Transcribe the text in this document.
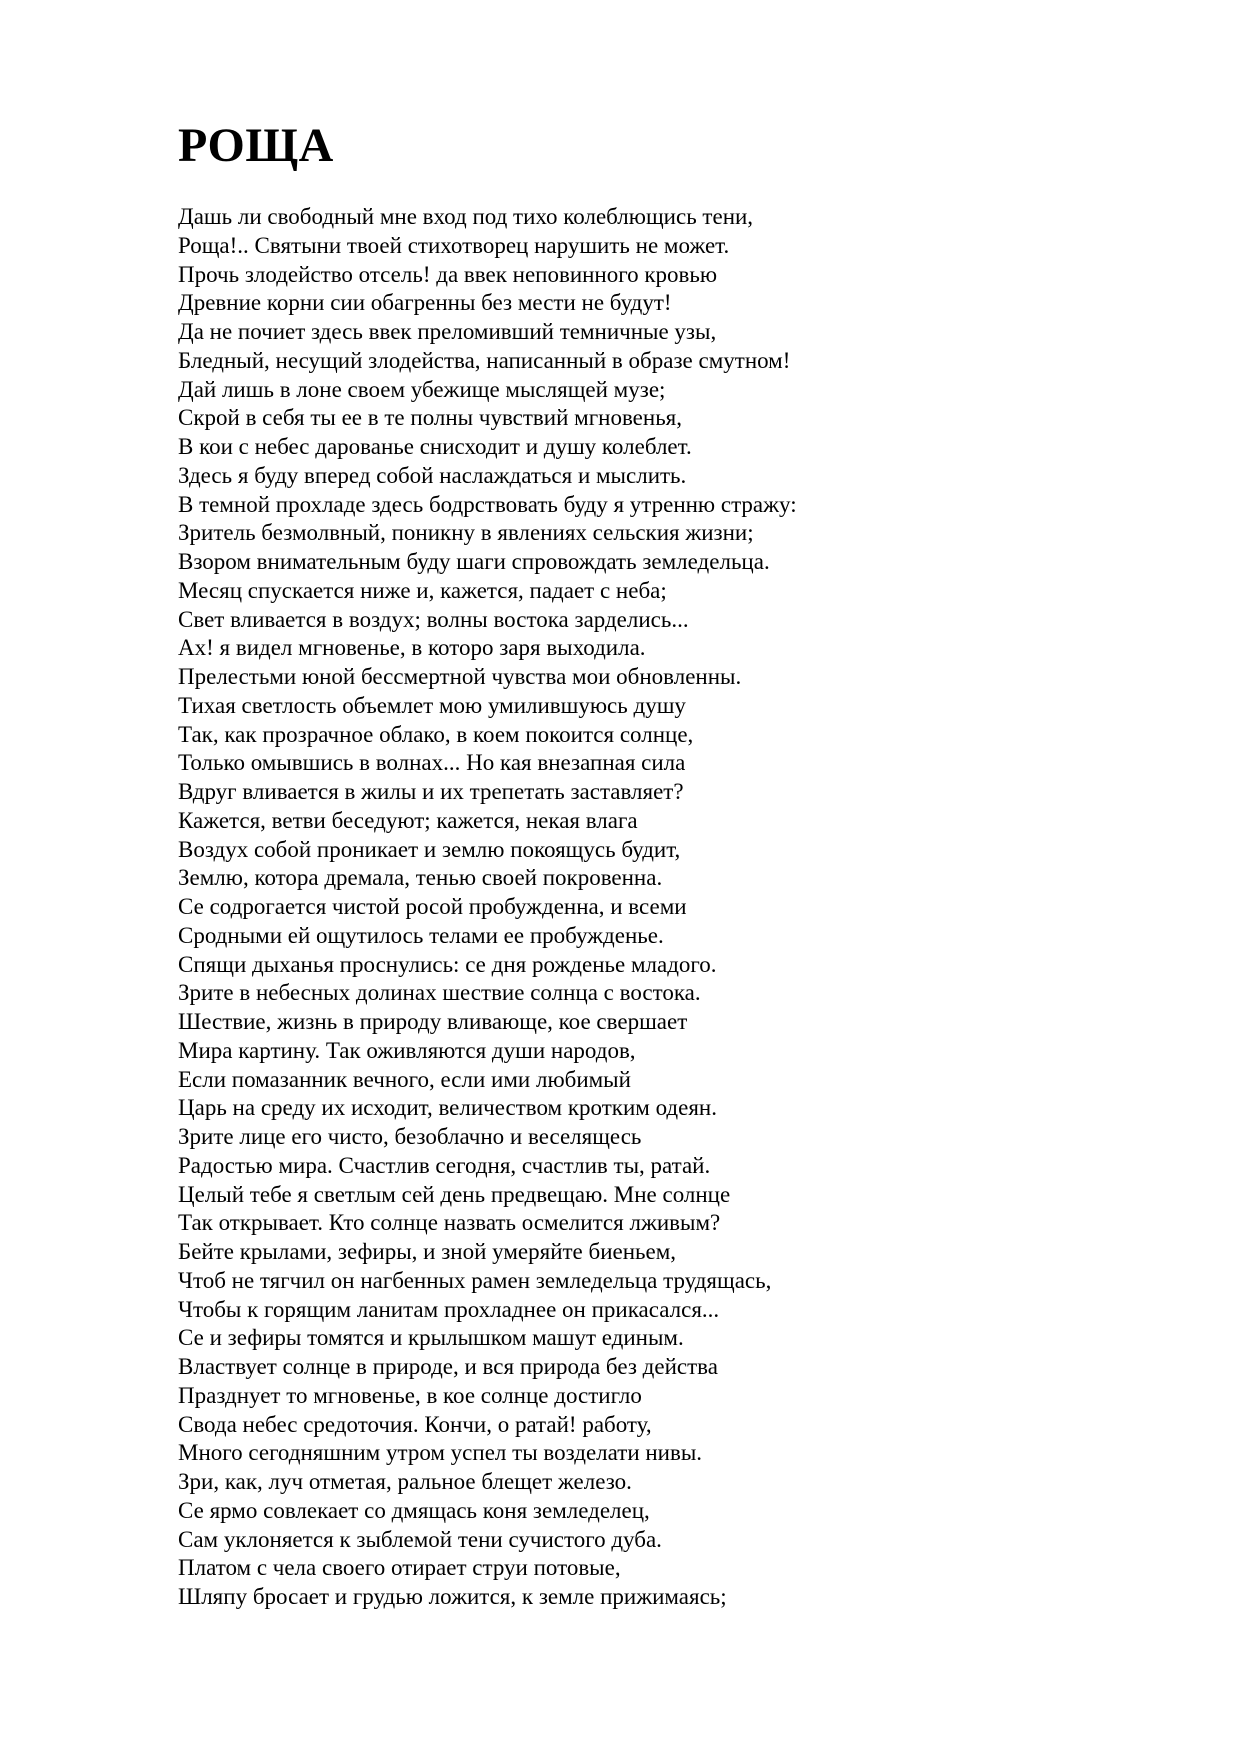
РОЩА
Дашь ли свободный мне вход под тихо колеблющись тени,
Роща!.. Святыни твоей стихотворец нарушить не может.
Прочь злодейство отсель! да ввек неповинного кровью
Древние корни сии обагренны без мести не будут!
Да не почиет здесь ввек преломивший темничные узы,
Бледный, несущий злодейства, написанный в образе смутном!
Дай лишь в лоне своем убежище мыслящей музе;
Скрой в себя ты ее в те полны чувствий мгновенья,
В кои с небес дарованье снисходит и душу колеблет.
Здесь я буду вперед собой наслаждаться и мыслить.
В темной прохладе здесь бодрствовать буду я утренню стражу:
Зритель безмолвный, поникну в явлениях сельския жизни;
Взором внимательным буду шаги спровождать земледельца.
Месяц спускается ниже и, кажется, падает с неба;
Свет вливается в воздух; волны востока зарделись...
Ах! я видел мгновенье, в которо заря выходила.
Прелестьми юной бессмертной чувства мои обновленны.
Тихая светлость объемлет мою умилившуюсь душу
Так, как прозрачное облако, в коем покоится солнце,
Только омывшись в волнах... Но кая внезапная сила
Вдруг вливается в жилы и их трепетать заставляет?
Кажется, ветви беседуют; кажется, некая влага
Воздух собой проникает и землю покоящусь будит,
Землю, котора дремала, тенью своей покровенна.
Се содрогается чистой росой пробужденна, и всеми
Сродными ей ощутилось телами ее пробужденье.
Спящи дыханья проснулись: се дня рожденье младого.
Зрите в небесных долинах шествие солнца с востока.
Шествие, жизнь в природу вливающе, кое свершает
Мира картину. Так оживляются души народов,
Если помазанник вечного, если ими любимый
Царь на среду их исходит, величеством кротким одеян.
Зрите лице его чисто, безоблачно и веселящесь
Радостью мира. Счастлив сегодня, счастлив ты, ратай.
Целый тебе я светлым сей день предвещаю. Мне солнце
Так открывает. Кто солнце назвать осмелится лживым?
Бейте крылами, зефиры, и зной умеряйте биеньем,
Чтоб не тягчил он нагбенных рамен земледельца трудящась,
Чтобы к горящим ланитам прохладнее он прикасался...
Се и зефиры томятся и крылышком машут единым.
Властвует солнце в природе, и вся природа без действа
Празднует то мгновенье, в кое солнце достигло
Свода небес средоточия. Кончи, о ратай! работу,
Много сегодняшним утром успел ты возделати нивы.
Зри, как, луч отметая, ральное блещет железо.
Се ярмо совлекает со дмящась коня земледелец,
Сам уклоняется к зыблемой тени сучистого дуба.
Платом с чела своего отирает струи потовые,
Шляпу бросает и грудью ложится, к земле прижимаясь;
